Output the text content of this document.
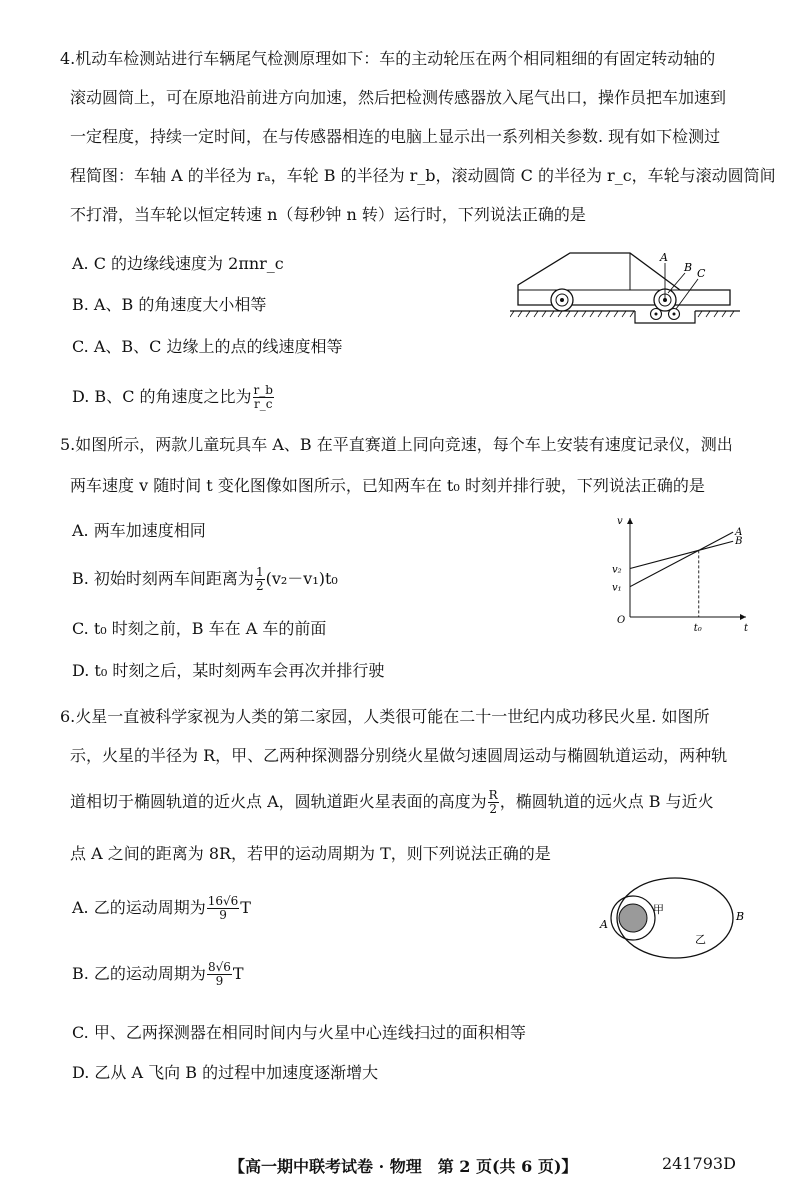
4.机动车检测站进行车辆尾气检测原理如下：车的主动轮压在两个相同粗细的有固定转动轴的
滚动圆筒上，可在原地沿前进方向加速，然后把检测传感器放入尾气出口，操作员把车加速到
一定程度，持续一定时间，在与传感器相连的电脑上显示出一系列相关参数. 现有如下检测过
程简图：车轴 A 的半径为 rₐ，车轮 B 的半径为 r_b，滚动圆筒 C 的半径为 r_c，车轮与滚动圆筒间
不打滑，当车轮以恒定转速 n（每秒钟 n 转）运行时，下列说法正确的是
A. C 的边缘线速度为 2πnr_c
B. A、B 的角速度大小相等
C. A、B、C 边缘上的点的线速度相等
D. B、C 的角速度之比为 $\frac{r\_b}{r\_c}$
A
B C
5.如图所示，两款儿童玩具车 A、B 在平直赛道上同向竞速，每个车上安装有速度记录仪，测出
两车速度 v 随时间 t 变化图像如图所示，已知两车在 t₀ 时刻并排行驶，下列说法正确的是
A. 两车加速度相同
B. 初始时刻两车间距离为 $\frac{1}{2} (v_2-v_1)t_0$
C. t₀ 时刻之前，B 车在 A 车的前面
D. t₀ 时刻之后，某时刻两车会再次并排行驶
A
B
v
t
O
t₀
v₂
v₁
6.火星一直被科学家视为人类的第二家园，人类很可能在二十一世纪内成功移民火星. 如图所
示，火星的半径为 R，甲、乙两种探测器分别绕火星做匀速圆周运动与椭圆轨道运动，两种轨
道相切于椭圆轨道的近火点 A，圆轨道距火星表面的高度为 $\frac{R}{2}$ ，椭圆轨道的远火点 B 与近火
点 A 之间的距离为 8R，若甲的运动周期为 T，则下列说法正确的是
A. 乙的运动周期为 $\frac{16√6}{9}$ T
B. 乙的运动周期为 $\frac{8√6}{9}$ T
C. 甲、乙两探测器在相同时间内与火星中心连线扫过的面积相等
D. 乙从 A 飞向 B 的过程中加速度逐渐增大
A
B
甲
乙
【高一期中联考试卷 · 物理　第 2 页(共 6 页)】	241793D
